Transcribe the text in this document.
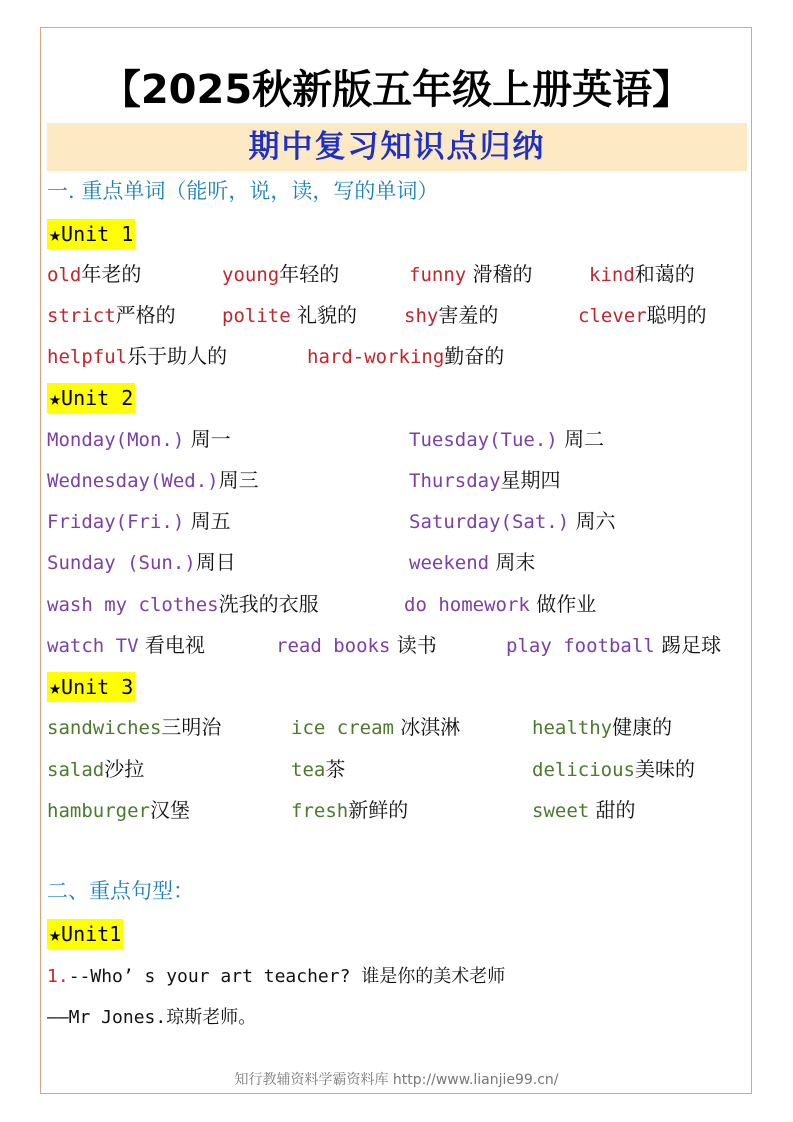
【2025秋新版五年级上册英语】
期中复习知识点归纳
一. 重点单词（能听，说，读，写的单词）
★Unit 1
old年老的	young年轻的	funny 滑稽的	kind和蔼的
strict严格的 polite 礼貌的 shy害羞的	clever聪明的
helpful乐于助人的	hard-working勤奋的
★Unit 2
Monday(Mon.) 周一	Tuesday(Tue.) 周二
Wednesday(Wed.)周三	Thursday星期四
Friday(Fri.) 周五	Saturday(Sat.) 周六
Sunday (Sun.)周日	weekend 周末
wash my clothes洗我的衣服	do homework 做作业
watch TV 看电视	read books 读书	play football 踢足球
★Unit 3
sandwiches三明治	ice cream 冰淇淋	healthy健康的
salad沙拉	tea茶	delicious美味的
hamburger汉堡	fresh新鲜的	sweet 甜的
二、重点句型：
★Unit1
1.--Who’ s your art teacher? 谁是你的美术老师
——Mr Jones.琼斯老师。
知行教辅资料学霸资料库 http://www.lianjie99.cn/
